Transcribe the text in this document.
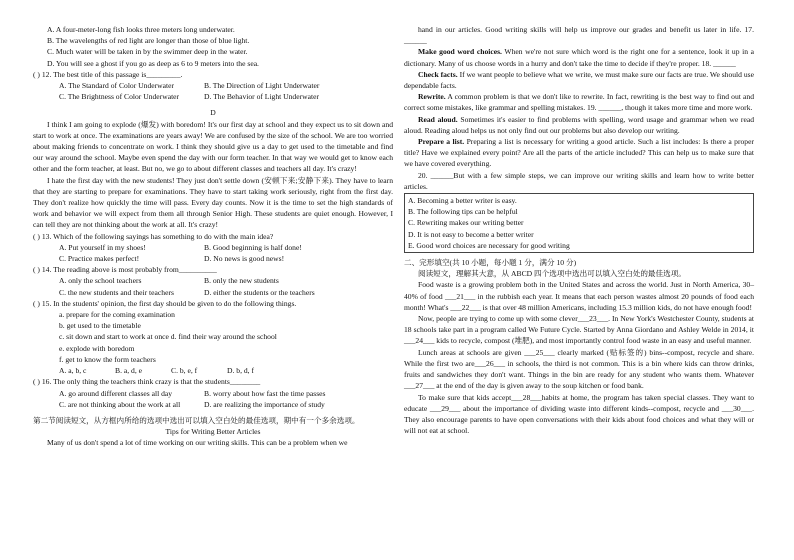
A. A four-meter-long fish looks three meters long underwater.

B. The wavelengths of red light are longer than those of blue light.

C. Much water will be taken in by the swimmer deep in the water.

D. You will see a ghost if you go as deep as 6 to 9 meters into the sea.

( ) 12. The best title of this passage is_________.

A. The Standard of Color Underwater	B. The Direction of Light Underwater
C. The Brightness of Color Underwater	D. The Behavior of Light Underwater

D

I think I am going to explode (爆发) with boredom! It's our first day at school and they expect us to sit down and start to work at once. The examinations are years away! We are confused by the size of the school. We are too worried about making friends to concentrate on work. I think they should give us a day to get used to the timetable and find our way around the school. Maybe even spend the day with our form teacher. In that way we would get to know each other and the form teacher, at least. But no, we go to about different classes and teachers all day. It's crazy!

I hate the first day with the new students! They just don't settle down (安顿下来;安静下来). They have to learn that they are starting to prepare for examinations. They have to start taking work seriously, right from the first day. They don't realize how quickly the time will pass. Every day counts. Now it is the time to set the high standards of work and behavior we will expect from them all through Senior High. These students are quiet enough. However, I can tell they are not thinking about the work at all. It's crazy!

( ) 13. Which of the following sayings has something to do with the main idea?

A. Put yourself in my shoes!	B. Good beginning is half done!
C. Practice makes perfect!	D. No news is good news!

( ) 14. The reading above is most probably from__________

A. only the school teachers	B. only the new students
C. the new students and their teachers	D. either the students or the teachers

( ) 15. In the students' opinion, the first day should be given to do the following things.

a. prepare for the coming examination

b. get used to the timetable

c. sit down and start to work at once d. find their way around the school

e. explode with boredom

f. get to know the form teachers

A. a, b, c	B. a, d, e	C. b, e, f	D. b, d, f

( ) 16. The only thing the teachers think crazy is that the students________

A. go around different classes all day	B. worry about how fast the time passes
C. are not thinking about the work at all	D. are realizing the importance of study

第二节阅读短文，从方框内所给的选项中选出可以填入空白处的最佳选项，期中有一个多余选项。

Tips for Writing Better Articles

Many of us don't spend a lot of time working on our writing skills. This can be a problem when we

hand in our articles. Good writing skills will help us improve our grades and benefit us later in life. 17. ______

Make good word choices. When we're not sure which word is the right one for a sentence, look it up in a dictionary. Many of us choose words in a hurry and don't take the time to decide if they're proper. 18. ______

Check facts. If we want people to believe what we write, we must make sure our facts are true. We should use dependable facts.

Rewrite. A common problem is that we don't like to rewrite. In fact, rewriting is the best way to find out and correct some mistakes, like grammar and spelling mistakes. 19. ______, though it takes more time and more work.

Read aloud. Sometimes it's easier to find problems with spelling, word usage and grammar when we read aloud. Reading aloud helps us not only find out our problems but also develop our writing.

Prepare a list. Preparing a list is necessary for writing a good article. Such a list includes: Is there a proper title? Have we explained every point? Are all the parts of the article included? This can help us to make sure that we have covered everything.

20. ______But with a few simple steps, we can improve our writing skills and learn how to write better articles.

A. Becoming a better writer is easy.

B. The following tips can be helpful

C. Rewriting makes our writing better

D. It is not easy to become a better writer

E. Good word choices are necessary for good writing

二、完形填空(共 10 小题，每小题 1 分，满分 10 分)

阅读短文，理解其大意，从 ABCD 四个选项中选出可以填入空白处的最佳选项。

Food waste is a growing problem both in the United States and across the world. Just in North America, 30–40% of food ___21___ in the rubbish each year. It means that each person wastes almost 20 pounds of food each month! What's ___22___ is that over 48 million Americans, including 15.3 million kids, do not have enough food!

Now, people are trying to come up with some clever___23___. In New York's Westchester County, students at 18 schools take part in a program called We Future Cycle. Started by Anna Giordano and Ashley Welde in 2014, it ___24___ kids to recycle, compost (堆肥), and most importantly control food waste in an easy and useful manner.

Lunch areas at schools are given ___25___ clearly marked (贴标签的) bins--compost, recycle and share. While the first two are___26___ in schools, the third is not common. This is a bin where kids can throw drinks, fruits and sandwiches they don't want. Things in the bin are ready for any student who wants them. Whatever ___27___ at the end of the day is given away to the soup kitchen or food bank.

To make sure that kids accept___28___habits at home, the program has taken special classes. They want to educate ___29___ about the importance of dividing waste into different kinds--compost, recycle and ___30___. They also encourage parents to have open conversations with their kids about food choices and what they will or will not eat at school.
